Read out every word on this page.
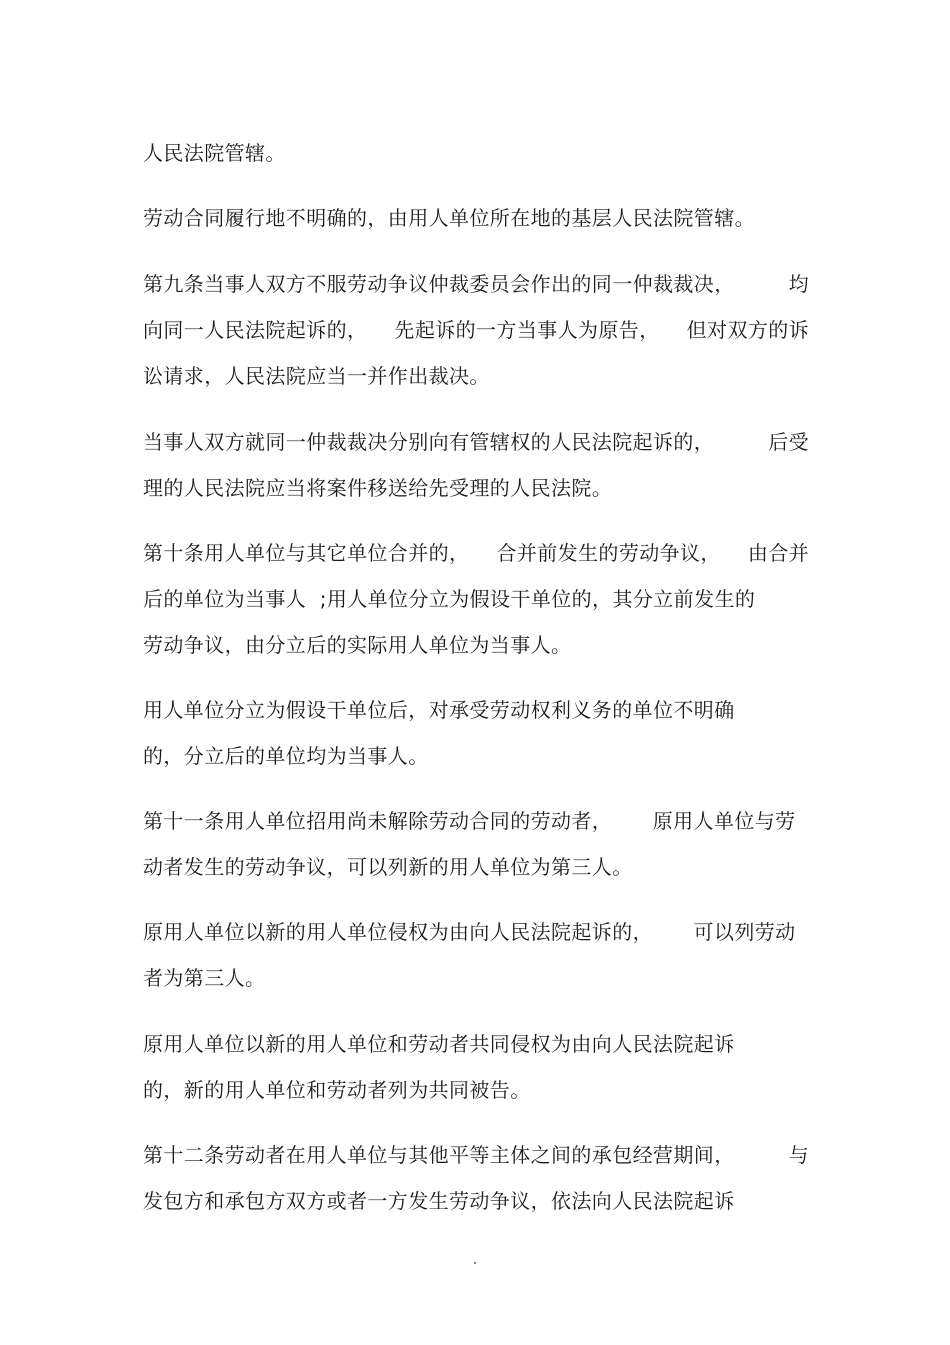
人民法院管辖。
劳动合同履行地不明确的，由用人单位所在地的基层人民法院管辖。
第九条当事人双方不服劳动争议仲裁委员会作出的同一仲裁裁决，        均
向同一人民法院起诉的，    先起诉的一方当事人为原告，    但对双方的诉
讼请求，人民法院应当一并作出裁决。
当事人双方就同一仲裁裁决分别向有管辖权的人民法院起诉的，        后受
理的人民法院应当将案件移送给先受理的人民法院。
第十条用人单位与其它单位合并的，    合并前发生的劳动争议，    由合并
后的单位为当事人  ;用人单位分立为假设干单位的，其分立前发生的
劳动争议，由分立后的实际用人单位为当事人。
用人单位分立为假设干单位后，对承受劳动权利义务的单位不明确
的，分立后的单位均为当事人。
第十一条用人单位招用尚未解除劳动合同的劳动者，      原用人单位与劳
动者发生的劳动争议，可以列新的用人单位为第三人。
原用人单位以新的用人单位侵权为由向人民法院起诉的，      可以列劳动
者为第三人。
原用人单位以新的用人单位和劳动者共同侵权为由向人民法院起诉
的，新的用人单位和劳动者列为共同被告。
第十二条劳动者在用人单位与其他平等主体之间的承包经营期间，        与
发包方和承包方双方或者一方发生劳动争议，依法向人民法院起诉
